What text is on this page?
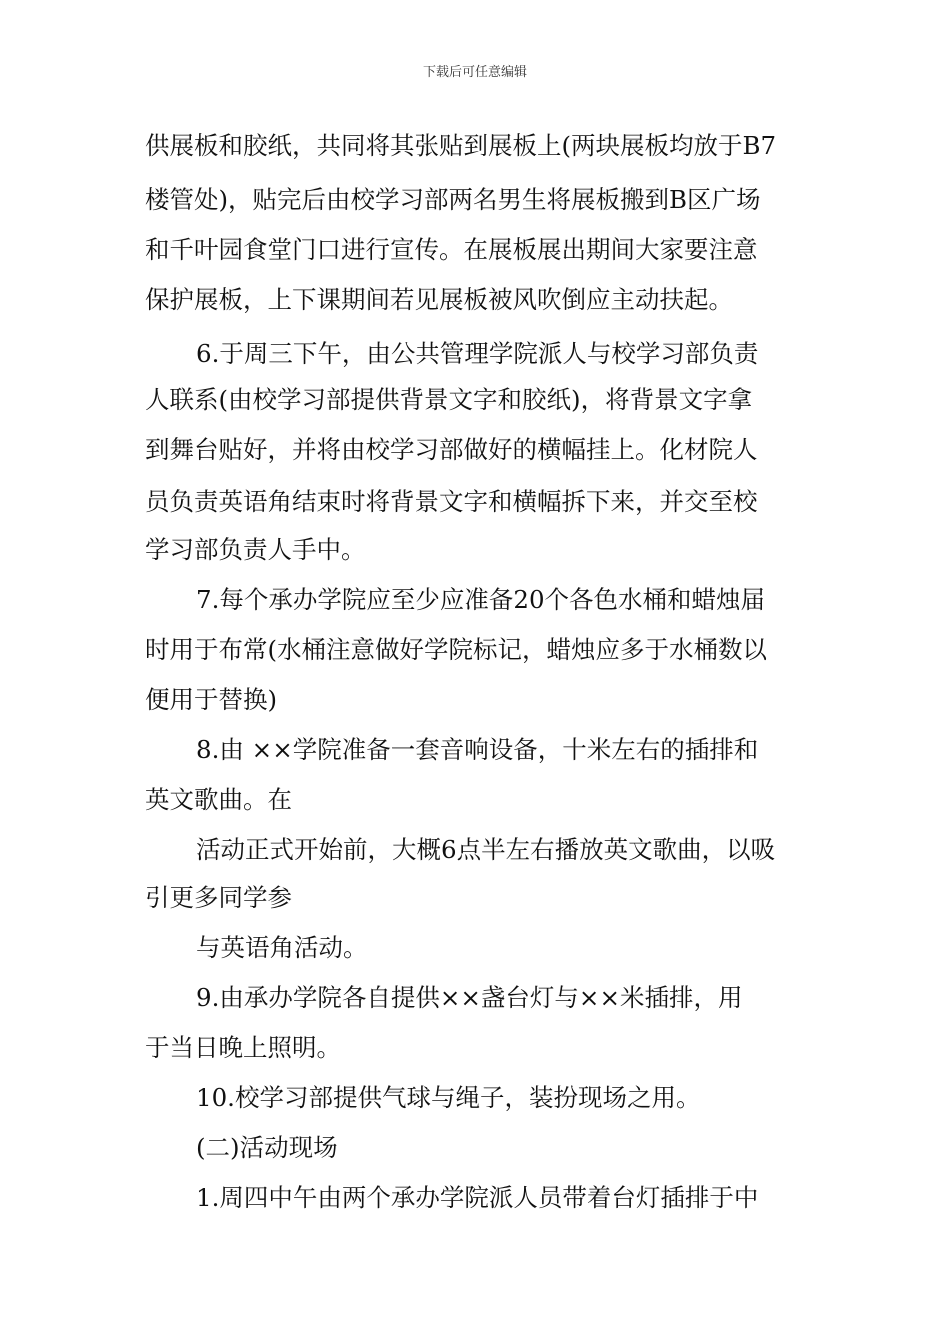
下载后可任意编辑
供展板和胶纸，共同将其张贴到展板上(两块展板均放于B7
楼管处)，贴完后由校学习部两名男生将展板搬到B区广场
和千叶园食堂门口进行宣传。在展板展出期间大家要注意
保护展板，上下课期间若见展板被风吹倒应主动扶起。
6.于周三下午，由公共管理学院派人与校学习部负责
人联系(由校学习部提供背景文字和胶纸)，将背景文字拿
到舞台贴好，并将由校学习部做好的横幅挂上。化材院人
员负责英语角结束时将背景文字和横幅拆下来，并交至校
学习部负责人手中。
7.每个承办学院应至少应准备20个各色水桶和蜡烛届
时用于布常(水桶注意做好学院标记，蜡烛应多于水桶数以
便用于替换)
8.由 ××学院准备一套音响设备，十米左右的插排和
英文歌曲。在
活动正式开始前，大概6点半左右播放英文歌曲，以吸
引更多同学参
与英语角活动。
9.由承办学院各自提供××盏台灯与××米插排，用
于当日晚上照明。
10.校学习部提供气球与绳子，装扮现场之用。
(二)活动现场
1.周四中午由两个承办学院派人员带着台灯插排于中
